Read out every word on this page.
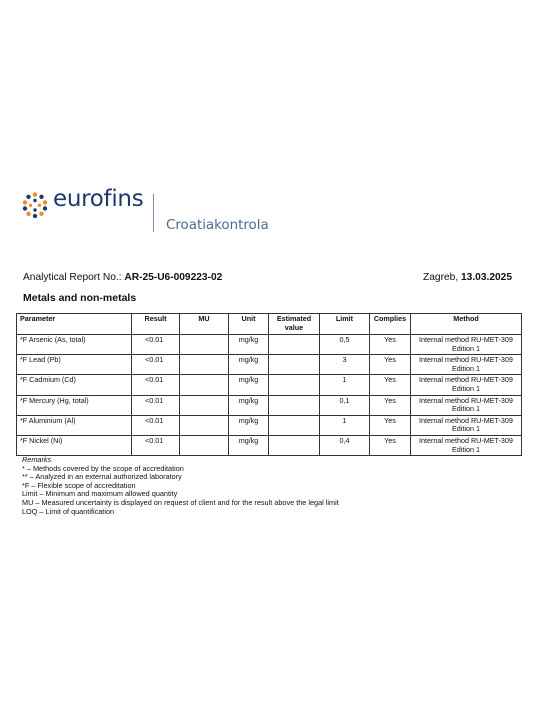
eurofins
Croatiakontrola
Analytical Report No.: AR-25-U6-009223-02	Zagreb, 13.03.2025
Metals and non-metals
Parameter	Result	MU	Unit	Estimated value	Limit	Complies	Method
*F Arsenic (As, total)	<0.01		mg/kg		0,5	Yes	Internal method RU-MET-309
Edition 1
*F Lead (Pb)	<0.01		mg/kg		3	Yes	Internal method RU-MET-309
Edition 1
*F Cadmium (Cd)	<0.01		mg/kg		1	Yes	Internal method RU-MET-309
Edition 1
*F Mercury (Hg, total)	<0.01		mg/kg		0,1	Yes	Internal method RU-MET-309
Edition 1
*F Aluminium (Al)	<0.01		mg/kg		1	Yes	Internal method RU-MET-309
Edition 1
*F Nickel (Ni)	<0.01		mg/kg		0,4	Yes	Internal method RU-MET-309
Edition 1
Remarks
* – Methods covered by the scope of accreditation
** – Analyzed in an external authorized laboratory
*F – Flexible scope of accreditation
Limit – Minimum and maximum allowed quantity
MU – Measured uncertainty is displayed on request of client and for the result above the legal limit
LOQ – Limit of quantification
